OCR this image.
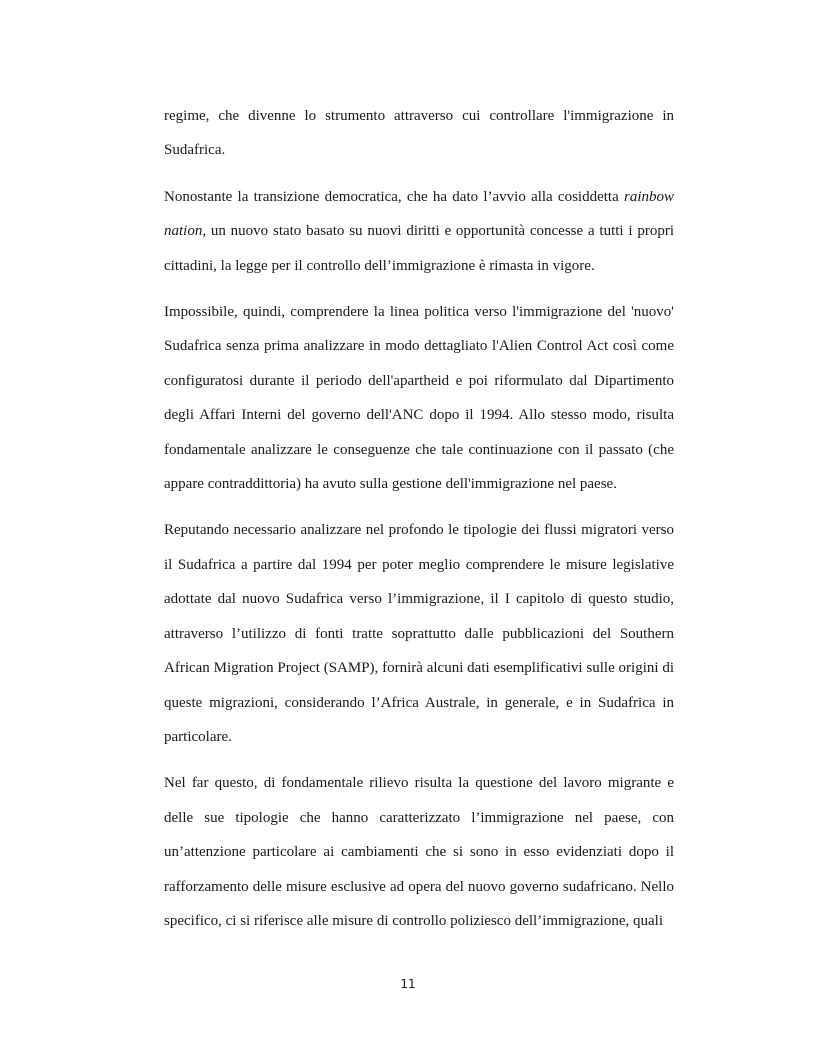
regime, che divenne lo strumento attraverso cui controllare l'immigrazione in Sudafrica.

Nonostante la transizione democratica, che ha dato l’avvio alla cosiddetta rainbow nation, un nuovo stato basato su nuovi diritti e opportunità concesse a tutti i propri cittadini, la legge per il controllo dell’immigrazione è rimasta in vigore.

Impossibile, quindi, comprendere la linea politica verso l'immigrazione del 'nuovo' Sudafrica senza prima analizzare in modo dettagliato l'Alien Control Act così come configuratosi durante il periodo dell'apartheid e poi riformulato dal Dipartimento degli Affari Interni del governo dell'ANC dopo il 1994. Allo stesso modo, risulta fondamentale analizzare le conseguenze che tale continuazione con il passato (che appare contraddittoria) ha avuto sulla gestione dell'immigrazione nel paese.

Reputando necessario analizzare nel profondo le tipologie dei flussi migratori verso il Sudafrica a partire dal 1994 per poter meglio comprendere le misure legislative adottate dal nuovo Sudafrica verso l’immigrazione, il I capitolo di questo studio, attraverso l’utilizzo di fonti tratte soprattutto dalle pubblicazioni del Southern African Migration Project (SAMP), fornirà alcuni dati esemplificativi sulle origini di queste migrazioni, considerando l’Africa Australe, in generale, e in Sudafrica in particolare.

Nel far questo, di fondamentale rilievo risulta la questione del lavoro migrante e delle sue tipologie che hanno caratterizzato l’immigrazione nel paese, con un’attenzione particolare ai cambiamenti che si sono in esso evidenziati dopo il rafforzamento delle misure esclusive ad opera del nuovo governo sudafricano. Nello specifico, ci si riferisce alle misure di controllo poliziesco dell’immigrazione, quali

11
